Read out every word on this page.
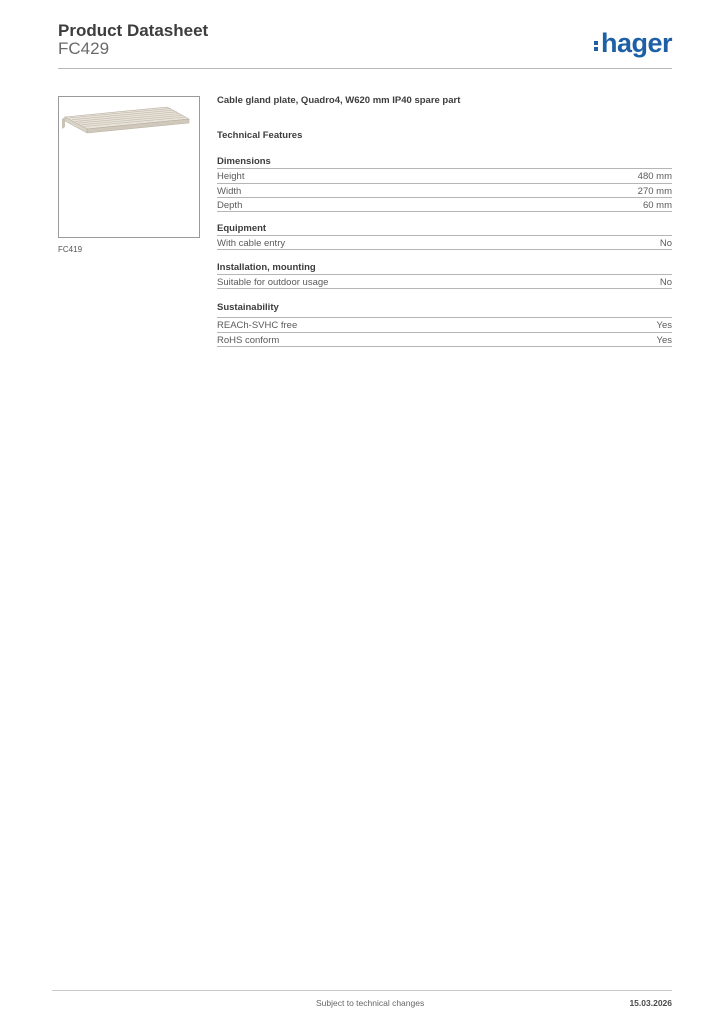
Product Datasheet
FC429	hager
FC419
Cable gland plate, Quadro4, W620 mm IP40 spare part
Technical Features
Dimensions
Height	480 mm
Width	270 mm
Depth	60 mm
Equipment
With cable entry	No
Installation, mounting
Suitable for outdoor usage	No
Sustainability
REACh-SVHC free	Yes
RoHS conform	Yes
Subject to technical changes	15.03.2026
